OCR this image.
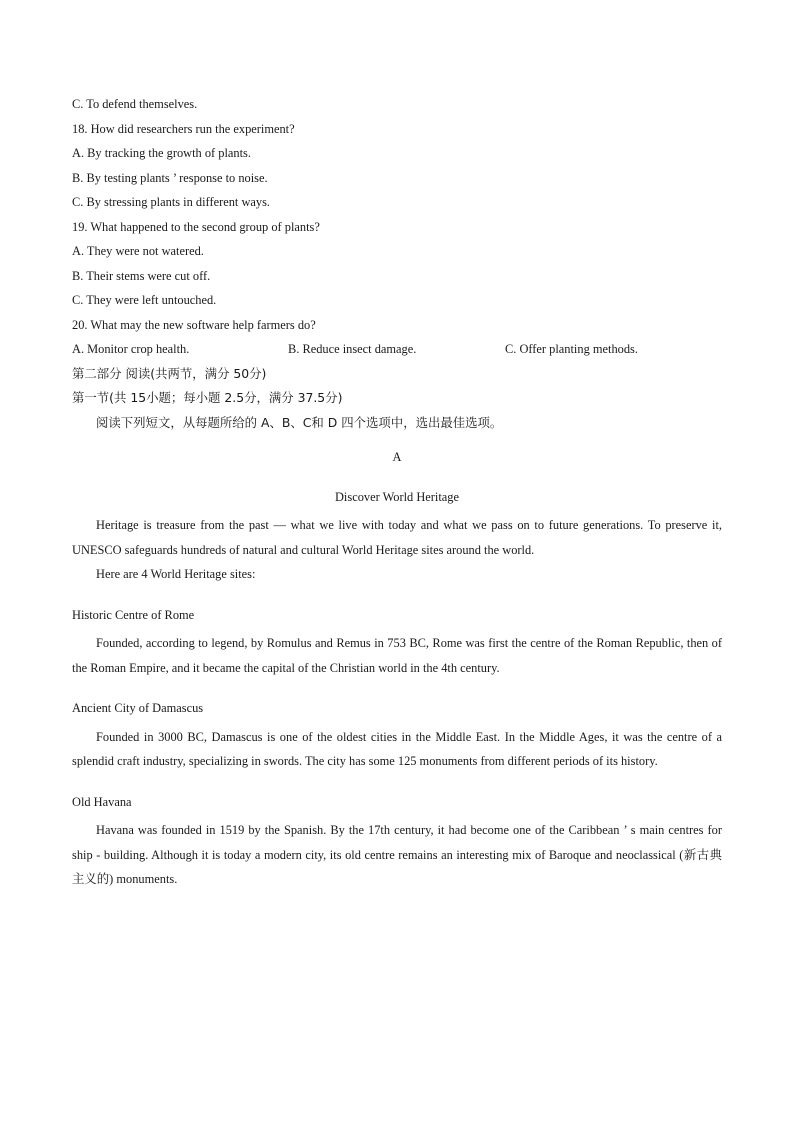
C. To defend themselves.
18. How did researchers run the experiment?
A. By tracking the growth of plants.
B. By testing plants ’ response to noise.
C. By stressing plants in different ways.
19. What happened to the second group of plants?
A. They were not watered.
B. Their stems were cut off.
C. They were left untouched.
20. What may the new software help farmers do?
A. Monitor crop health.	B. Reduce insect damage.	C. Offer planting methods.
第二部分 阅读(共两节，满分 50分)
第一节(共 15小题；每小题 2.5分，满分 37.5分)
阅读下列短文，从每题所给的 A、B、C和 D 四个选项中，选出最佳选项。
A
Discover World Heritage

Heritage is treasure from the past — what we live with today and what we pass on to future generations. To preserve it, UNESCO safeguards hundreds of natural and cultural World Heritage sites around the world.

Here are 4 World Heritage sites:

Historic Centre of Rome

Founded, according to legend, by Romulus and Remus in 753 BC, Rome was first the centre of the Roman Republic, then of the Roman Empire, and it became the capital of the Christian world in the 4th century.

Ancient City of Damascus

Founded in 3000 BC, Damascus is one of the oldest cities in the Middle East. In the Middle Ages, it was the centre of a splendid craft industry, specializing in swords. The city has some 125 monuments from different periods of its history.

Old Havana

Havana was founded in 1519 by the Spanish. By the 17th century, it had become one of the Caribbean ’ s main centres for ship - building. Although it is today a modern city, its old centre remains an interesting mix of Baroque and neoclassical (新古典主义的) monuments.
